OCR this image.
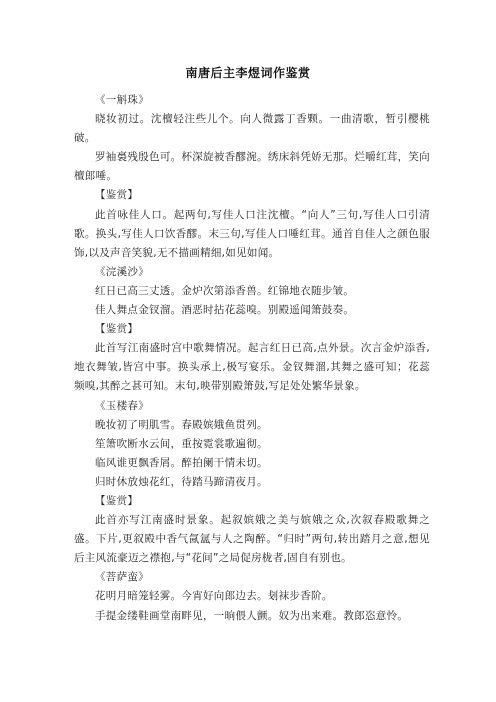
南唐后主李煜词作鉴赏

《一斛珠》

晓妆初过。沈檀轻注些儿个。向人微露丁香颗。一曲清歌，暂引樱桃破。

罗袖裛残殷色可。杯深旋被香醪涴。绣床斜凭娇无那。烂嚼红茸，笑向檀郎唾。

【鉴赏】

此首咏佳人口。起两句,写佳人口注沈檀。“向人”三句,写佳人口引清歌。换头,写佳人口饮香醪。末三句,写佳人口唾红茸。通首自佳人之颜色服饰,以及声音笑貌,无不描画精细,如见如闻。

《浣溪沙》

红日已高三丈透。金炉次第添香兽。红锦地衣随步皱。

佳人舞点金钗溜。酒恶时拈花蕊嗅。别殿遥闻箫鼓奏。

【鉴赏】

此首写江南盛时宫中歌舞情况。起言红日已高,点外景。次言金炉添香,地衣舞皱,皆宫中事。换头承上,极写宴乐。金钗舞溜,其舞之盛可知；花蕊频嗅,其醉之甚可知。末句,映带别殿箫鼓,写足处处繁华景象。

《玉楼春》

晚妆初了明肌雪。春殿嫔娥鱼贯列。

笙箫吹断水云间，重按霓裳歌遍彻。

临风谁更飘香屑。醉拍阑干情未切。

归时休放烛花红，待踏马蹄清夜月。

【鉴赏】

此首亦写江南盛时景象。起叙嫔娥之美与嫔娥之众,次叙春殿歌舞之盛。下片,更叙殿中香气氤氲与人之陶醉。“归时”两句,转出踏月之意,想见后主风流豪迈之襟抱,与“花间”之局促房栊者,固自有别也。

《菩萨蛮》

花明月暗笼轻雾。今宵好向郎边去。刬袜步香阶。

手提金缕鞋画堂南畔见，一晌偎人颤。奴为出来难。教郎恣意怜。
